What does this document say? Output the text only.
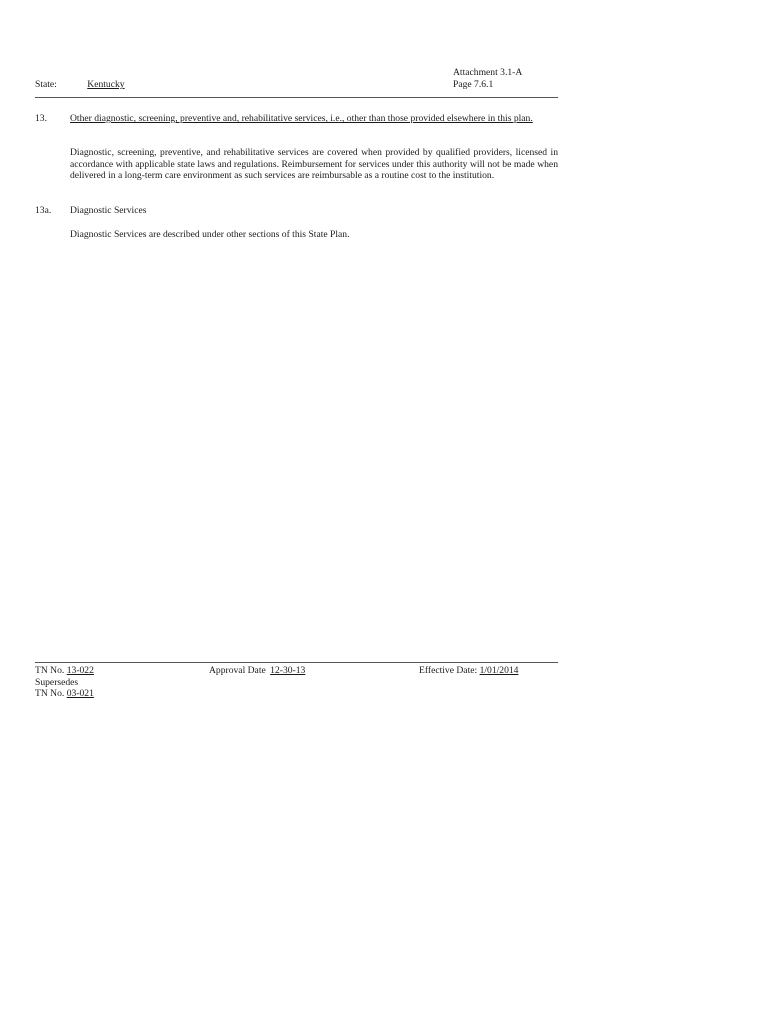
Attachment 3.1-A
Page 7.6.1
State:	Kentucky
13. Other diagnostic, screening, preventive and, rehabilitative services, i.e., other than those provided elsewhere in this plan.
Diagnostic, screening, preventive, and rehabilitative services are covered when provided by qualified providers, licensed in accordance with applicable state laws and regulations. Reimbursement for services under this authority will not be made when delivered in a long-term care environment as such services are reimbursable as a routine cost to the institution.
13a. Diagnostic Services
Diagnostic Services are described under other sections of this State Plan.
TN No. 13-022
Supersedes
TN No. 03-021
Approval Date 12-30-13	Effective Date: 1/01/2014
